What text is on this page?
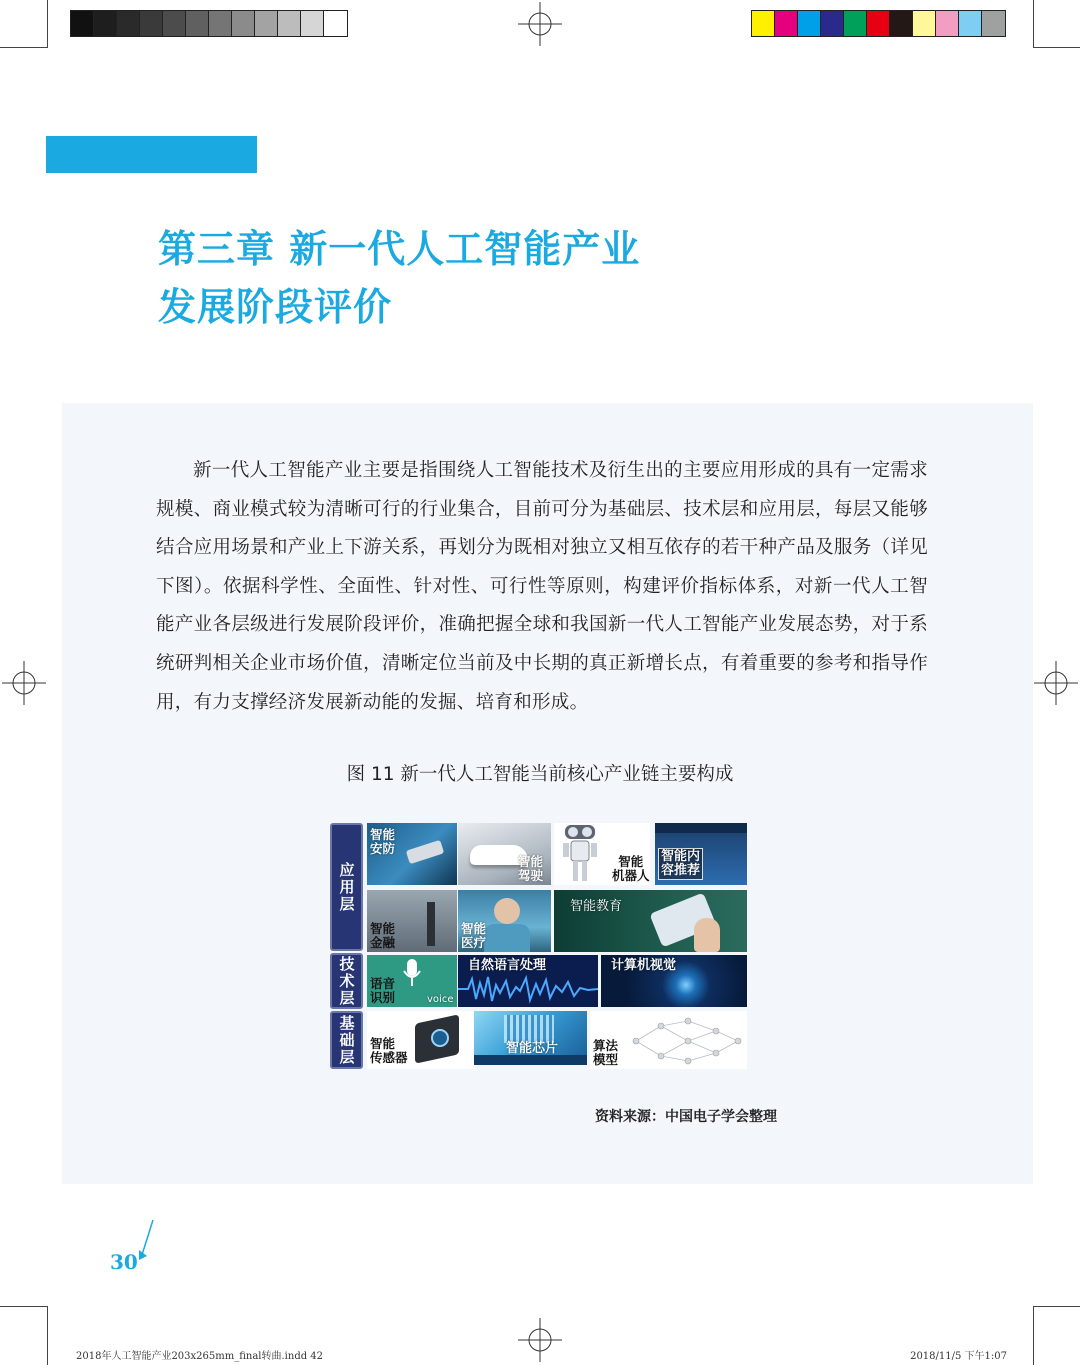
第三章 新一代人工智能产业
发展阶段评价

新一代人工智能产业主要是指围绕人工智能技术及衍生出的主要应用形成的具有一定需求规模、商业模式较为清晰可行的行业集合，目前可分为基础层、技术层和应用层，每层又能够结合应用场景和产业上下游关系，再划分为既相对独立又相互依存的若干种产品及服务（详见下图）。依据科学性、全面性、针对性、可行性等原则，构建评价指标体系，对新一代人工智能产业各层级进行发展阶段评价，准确把握全球和我国新一代人工智能产业发展态势，对于系统研判相关企业市场价值，清晰定位当前及中长期的真正新增长点，有着重要的参考和指导作用，有力支撑经济发展新动能的发掘、培育和形成。

图 11 新一代人工智能当前核心产业链主要构成
应用层
技术层
基础层
智能
安防
智能
驾驶
智能
机器人
智能内
容推荐
智能
金融
智能
医疗
智能教育
voice
语音
识别
自然语言处理	计算机视觉
智能
传感器
智能芯片	算法
模型
资料来源：中国电子学会整理
30
2018年人工智能产业203x265mm_final转曲.indd 42	2018/11/5 下午1:07
